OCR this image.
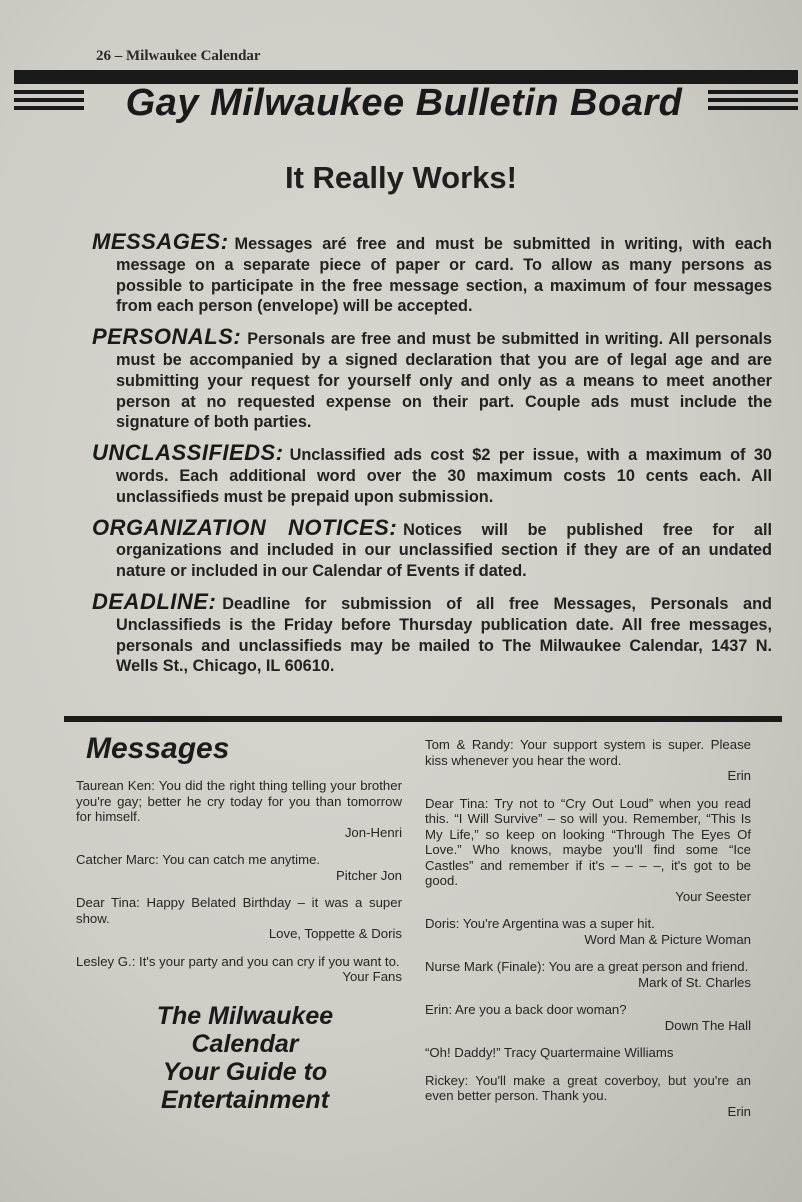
26 – Milwaukee Calendar
Gay Milwaukee Bulletin Board
It Really Works!

MESSAGES: Messages aré free and must be submitted in writing, with each message on a separate piece of paper or card. To allow as many persons as possible to participate in the free message section, a maximum of four messages from each person (envelope) will be accepted.

PERSONALS: Personals are free and must be submitted in writing. All personals must be accompanied by a signed declaration that you are of legal age and are submitting your request for yourself only and only as a means to meet another person at no requested expense on their part. Couple ads must include the signature of both parties.

UNCLASSIFIEDS: Unclassified ads cost $2 per issue, with a maximum of 30 words. Each additional word over the 30 maximum costs 10 cents each. All unclassifieds must be prepaid upon submission.

ORGANIZATION NOTICES: Notices will be published free for all organizations and included in our unclassified section if they are of an undated nature or included in our Calendar of Events if dated.

DEADLINE: Deadline for submission of all free Messages, Personals and Unclassifieds is the Friday before Thursday publication date. All free messages, personals and unclassifieds may be mailed to The Milwaukee Calendar, 1437 N. Wells St., Chicago, IL 60610.

Messages
Taurean Ken: You did the right thing telling your brother you're gay; better he cry today for you than tomorrow for himself.
Jon-Henri
Catcher Marc: You can catch me anytime.
Pitcher Jon
Dear Tina: Happy Belated Birthday – it was a super show.
Love, Toppette & Doris
Lesley G.: It's your party and you can cry if you want to.
Your Fans
Tom & Randy: Your support system is super. Please kiss whenever you hear the word.
Erin
Dear Tina: Try not to “Cry Out Loud” when you read this. “I Will Survive” – so will you. Remember, “This Is My Life,” so keep on looking “Through The Eyes Of Love.” Who knows, maybe you'll find some “Ice Castles” and remember if it's – – – –, it's got to be good.
Your Seester
Doris: You're Argentina was a super hit.
Word Man & Picture Woman
Nurse Mark (Finale): You are a great person and friend.
Mark of St. Charles
Erin: Are you a back door woman?
Down The Hall
“Oh! Daddy!” Tracy Quartermaine Williams
Rickey: You'll make a great coverboy, but you're an even better person. Thank you.
Erin
The Milwaukee
Calendar
Your Guide to
Entertainment
